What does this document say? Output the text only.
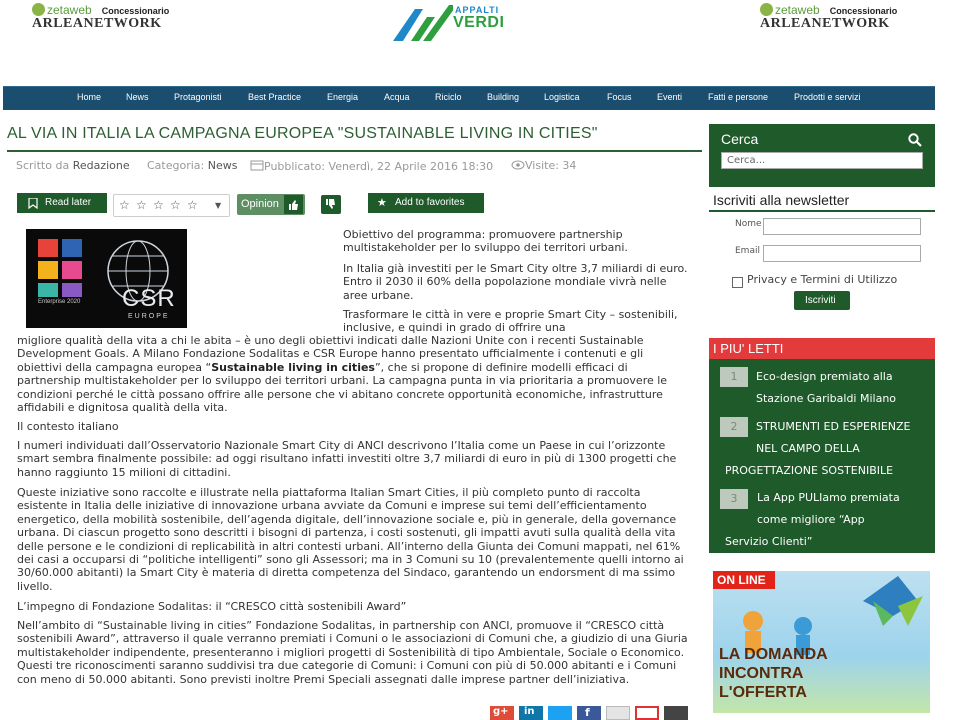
zetaweb Concessionario
ARLEANETWORK
APPALTI
VERDI
zetaweb Concessionario
ARLEANETWORK
Home	News	Protagonisti	Best Practice	Energia	Acqua	Riciclo	Building	Logistica	Focus	Eventi	Fatti e persone	Prodotti e servizi
AL VIA IN ITALIA LA CAMPAGNA EUROPEA "SUSTAINABLE LIVING IN CITIES"
Scritto da Redazione Categoria: News	Pubblicato: Venerdì, 22 Aprile 2016 18:30	Visite: 34
Read later ☆ ☆ ☆ ☆ ☆ ▼ Opinion	★ Add to favorites
Enterprise 2020 CSR
EUROPE

Obiettivo del programma: promuovere partnership multistakeholder per lo sviluppo dei territori urbani.

In Italia già investiti per le Smart City oltre 3,7 miliardi di euro. Entro il 2030 il 60% della popolazione mondiale vivrà nelle aree urbane.

Trasformare le città in vere e proprie Smart City – sostenibili, inclusive, e quindi in grado di offrire una

migliore qualità della vita a chi le abita – è uno degli obiettivi indicati dalle Nazioni Unite con i recenti Sustainable Development Goals. A Milano Fondazione Sodalitas e CSR Europe hanno presentato ufficialmente i contenuti e gli obiettivi della campagna europea “Sustainable living in cities”, che si propone di definire modelli efficaci di partnership multistakeholder per lo sviluppo dei territori urbani. La campagna punta in via prioritaria a promuovere le condizioni perché le città possano offrire alle persone che vi abitano concrete opportunità economiche, infrastrutture affidabili e dignitosa qualità della vita.

Il contesto italiano

I numeri individuati dall’Osservatorio Nazionale Smart City di ANCI descrivono l’Italia come un Paese in cui l’orizzonte smart sembra finalmente possibile: ad oggi risultano infatti investiti oltre 3,7 miliardi di euro in più di 1300 progetti che hanno raggiunto 15 milioni di cittadini.

Queste iniziative sono raccolte e illustrate nella piattaforma Italian Smart Cities, il più completo punto di raccolta esistente in Italia delle iniziative di innovazione urbana avviate da Comuni e imprese sui temi dell’efficientamento energetico, della mobilità sostenibile, dell’agenda digitale, dell’innovazione sociale e, più in generale, della governance urbana. Di ciascun progetto sono descritti i bisogni di partenza, i costi sostenuti, gli impatti avuti sulla qualità della vita delle persone e le condizioni di replicabilità in altri contesti urbani. All’interno della Giunta dei Comuni mappati, nel 61% dei casi a occuparsi di “politiche intelligenti” sono gli Assessori; ma in 3 Comuni su 10 (prevalentemente quelli intorno ai 30/60.000 abitanti) la Smart City è materia di diretta competenza del Sindaco, garantendo un endorsment di ma ssimo livello.

L’impegno di Fondazione Sodalitas: il “CRESCO città sostenibili Award”

Nell’ambito di “Sustainable living in cities” Fondazione Sodalitas, in partnership con ANCI, promuove il “CRESCO città sostenibili Award”, attraverso il quale verranno premiati i Comuni o le associazioni di Comuni che, a giudizio di una Giuria multistakeholder indipendente, presenteranno i migliori progetti di Sostenibilità di tipo Ambientale, Sociale o Economico. Questi tre riconoscimenti saranno suddivisi tra due categorie di Comuni: i Comuni con più di 50.000 abitanti e i Comuni con meno di 50.000 abitanti. Sono previsti inoltre Premi Speciali assegnati dalle imprese partner dell’iniziativa.

g+ in	f
Cerca
Cerca...
Iscriviti alla newsletter
Nome
Email
Privacy e Termini di Utilizzo
Iscriviti
I PIU' LETTI
1	Eco-design premiato alla
Stazione Garibaldi Milano
2	STRUMENTI ED ESPERIENZE
NEL CAMPO DELLA
PROGETTAZIONE SOSTENIBILE
3	La App PULIamo premiata
come migliore “App
Servizio Clienti”
ON LINE
LA DOMANDA
INCONTRA
L'OFFERTA
